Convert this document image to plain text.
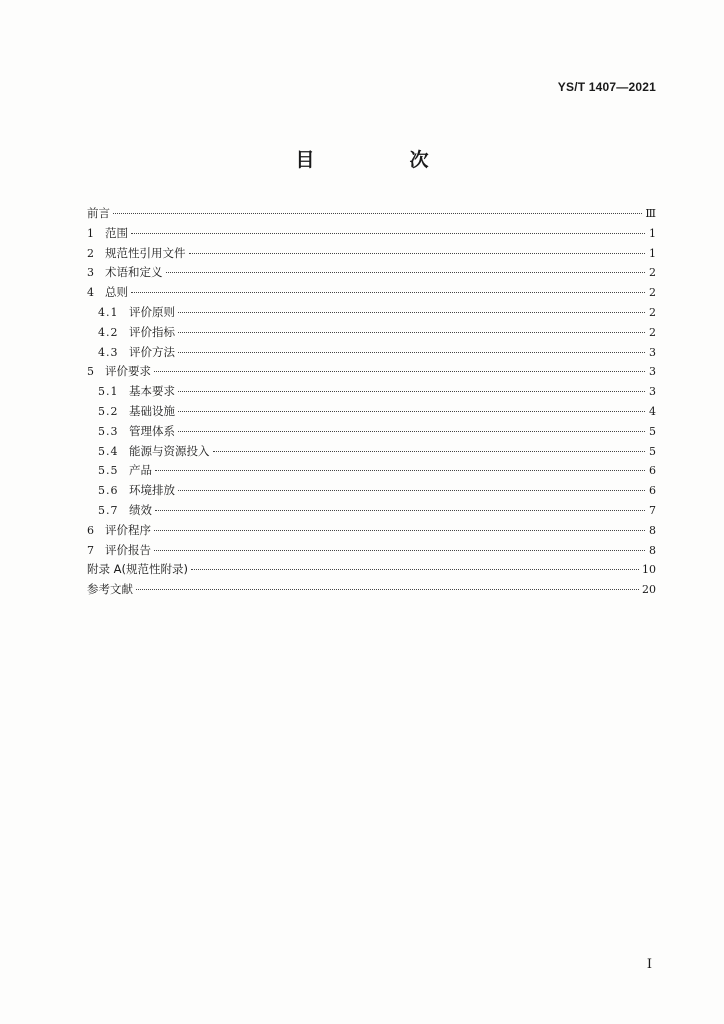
YS/T 1407—2021
目　次
前言	Ⅲ
1 范围	1
2 规范性引用文件	1
3 术语和定义	2
4 总则	2
4.1 评价原则	2
4.2 评价指标	2
4.3 评价方法	3
5 评价要求	3
5.1 基本要求	3
5.2 基础设施	4
5.3 管理体系	5
5.4 能源与资源投入	5
5.5 产品	6
5.6 环境排放	6
5.7 绩效	7
6 评价程序	8
7 评价报告	8
附录 A(规范性附录)	10
参考文献	20
Ⅰ
